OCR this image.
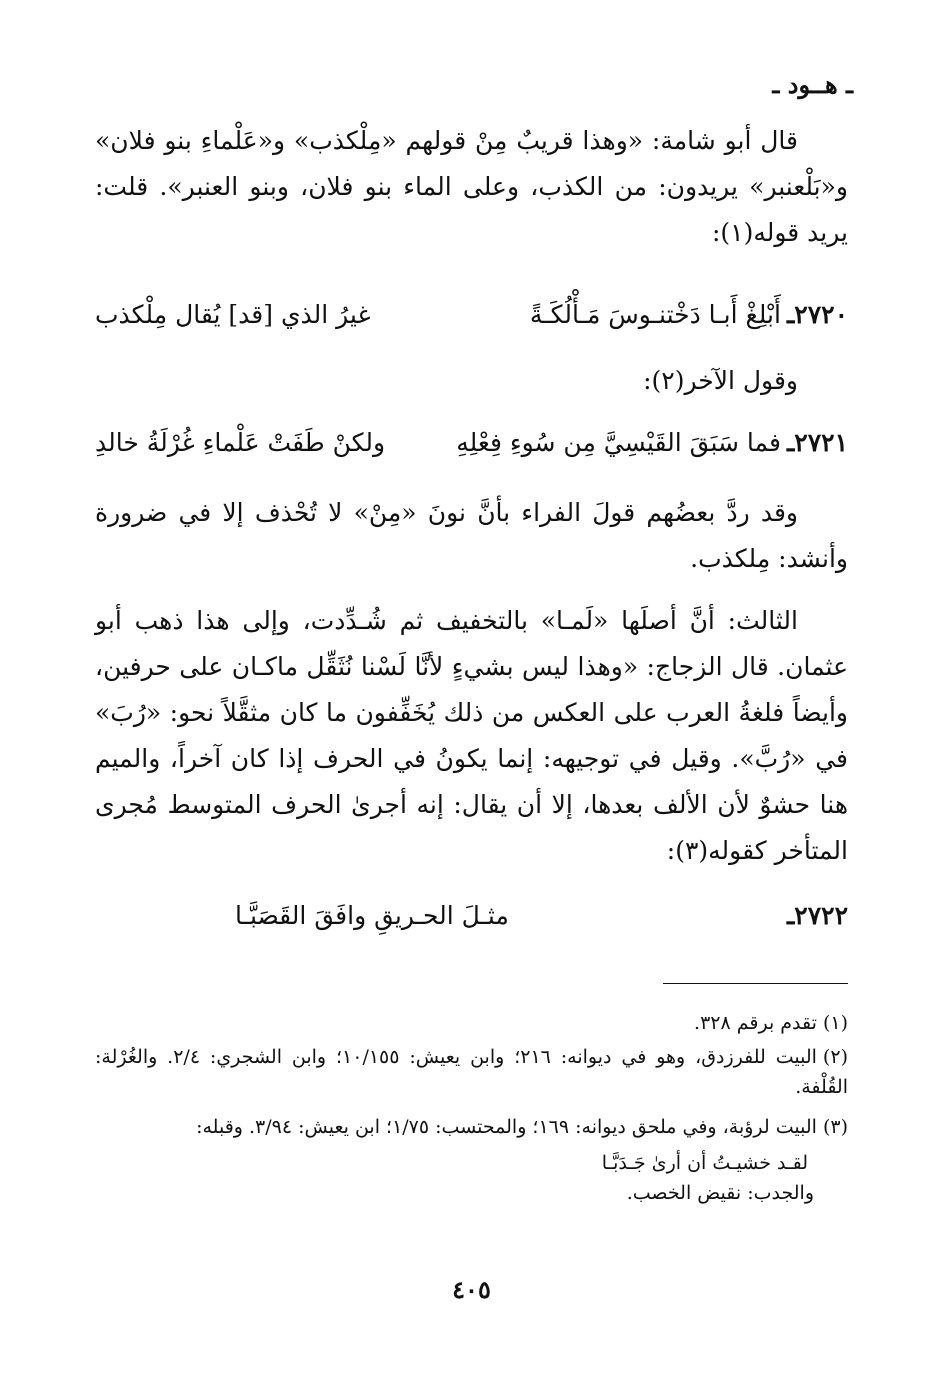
ـ هــود ـ

قال أبو شامة: «وهذا قريبٌ مِنْ قولهم «مِلْكذب» و«عَلْماءِ بنو فلان» و«بَلْعنبر» يريدون: من الكذب، وعلى الماء بنو فلان، وبنو العنبر». قلت: يريد قوله(١):

٢٧٢٠ـ
أَبْلِغْ أَبـا دَخْتنـوسَ مَـأْلُكَـةً
غيرُ الذي [قد] يُقال مِلْكذب

وقول الآخر(٢):

٢٧٢١ـ
فما سَبَقَ القَيْسِيَّ مِن سُوءِ فِعْلِهِ
ولكنْ طَفَتْ عَلْماءِ غُرْلَةُ خالدِ

وقد ردَّ بعضُهم قولَ الفراء بأنَّ نونَ «مِنْ» لا تُحْذف إلا في ضرورة وأنشد: مِلكذب.

الثالث: أنَّ أصلَها «لَمـا» بالتخفيف ثم شُـدِّدت، وإلى هذا ذهب أبو عثمان. قال الزجاج: «وهذا ليس بشيءٍ لأنَّا لَسْنا نُثَقِّل ماكـان على حرفين، وأيضاً فلغةُ العرب على العكس من ذلك يُخَفِّفون ما كان مثقَّلاً نحو: «رُبَ» في «رُبَّ». وقيل في توجيهه: إنما يكونُ في الحرف إذا كان آخراً، والميم هنا حشوٌ لأن الألف بعدها، إلا أن يقال: إنه أجرىٰ الحرف المتوسط مُجرى المتأخر كقوله(٣):

٢٧٢٢ـ
مثـلَ الحـريقِ وافَقَ القَصَبَّـا
(١)تقدم برقم ٣٢٨.
(٢)البيت للفرزدق، وهو في ديوانه: ٢١٦؛ وابن يعيش: ١٠/١٥٥؛ وابن الشجري: ٢/٤. والغُرْلة: القُلْفة.
(٣)البيت لرؤبة، وفي ملحق ديوانه: ١٦٩؛ والمحتسب: ١/٧٥؛ ابن يعيش: ٣/٩٤. وقبله:
لقـد خشيـتُ أن أرىٰ جَـدَبَّـا
والجدب: نقيض الخصب.
٤٠٥
